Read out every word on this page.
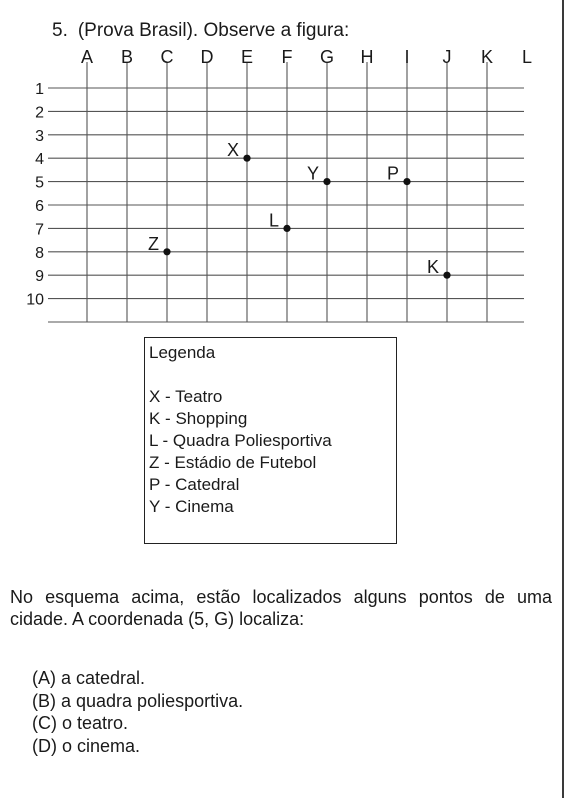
5. (Prova Brasil). Observe a figura:
A B C D E F G H I J K L
1
2
3
4
5
6
7
8
9
10
X
Y	P
L
Z
K
Legenda
X - Teatro
K - Shopping
L - Quadra Poliesportiva
Z - Estádio de Futebol
P - Catedral
Y - Cinema
No esquema acima, estão localizados alguns pontos de uma cidade. A coordenada (5, G) localiza:
(A) a catedral.
(B) a quadra poliesportiva.
(C) o teatro.
(D) o cinema.
